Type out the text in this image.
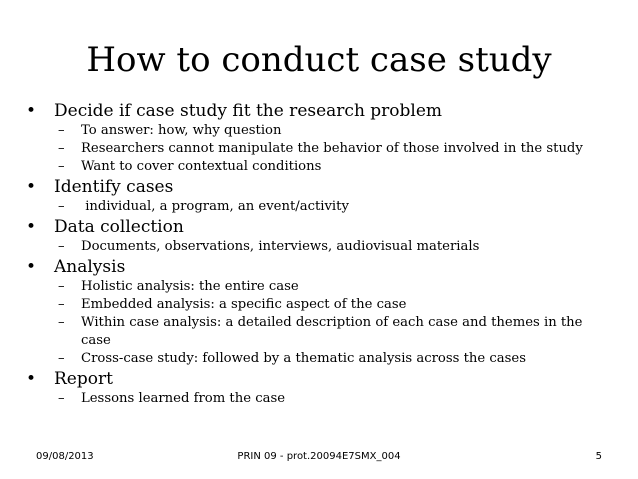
How to conduct case study
• Decide if case study fit the research problem
– To answer: how, why question
– Researchers cannot manipulate the behavior of those involved in the study
– Want to cover contextual conditions
• Identify cases
– individual, a program, an event/activity
• Data collection
– Documents, observations, interviews, audiovisual materials
• Analysis
– Holistic analysis: the entire case
– Embedded analysis: a specific aspect of the case
– Within case analysis: a detailed description of each case and themes in the case
– Cross-case study: followed by a thematic analysis across the cases
• Report
– Lessons learned from the case
09/08/2013	PRIN 09 - prot.20094E7SMX_004	5
